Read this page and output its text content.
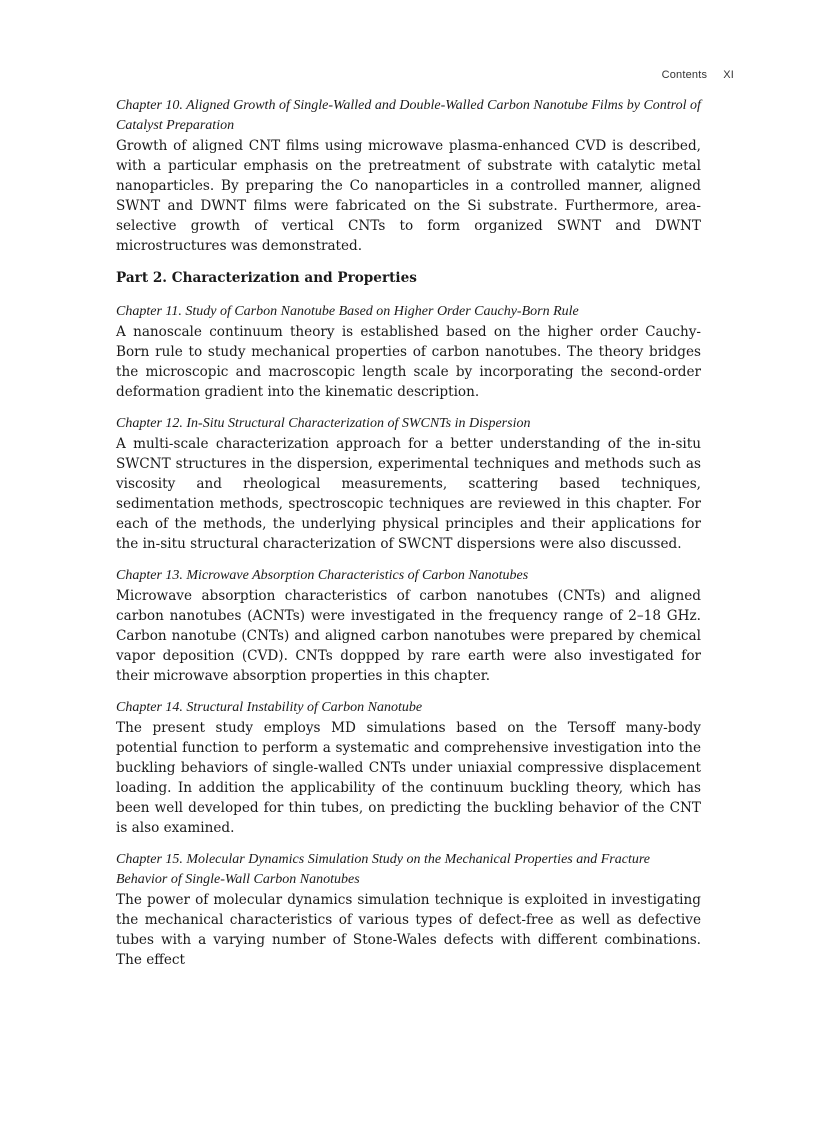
Contents XI
Chapter 10. Aligned Growth of Single-Walled and Double-Walled Carbon Nanotube Films by Control of Catalyst Preparation

Growth of aligned CNT films using microwave plasma-enhanced CVD is described, with a particular emphasis on the pretreatment of substrate with catalytic metal nanoparticles. By preparing the Co nanoparticles in a controlled manner, aligned SWNT and DWNT films were fabricated on the Si substrate. Furthermore, area-selective growth of vertical CNTs to form organized SWNT and DWNT microstructures was demonstrated.

Part 2. Characterization and Properties
Chapter 11. Study of Carbon Nanotube Based on Higher Order Cauchy-Born Rule

A nanoscale continuum theory is established based on the higher order Cauchy-Born rule to study mechanical properties of carbon nanotubes. The theory bridges the microscopic and macroscopic length scale by incorporating the second-order deformation gradient into the kinematic description.

Chapter 12. In-Situ Structural Characterization of SWCNTs in Dispersion

A multi-scale characterization approach for a better understanding of the in-situ SWCNT structures in the dispersion, experimental techniques and methods such as viscosity and rheological measurements, scattering based techniques, sedimentation methods, spectroscopic techniques are reviewed in this chapter. For each of the methods, the underlying physical principles and their applications for the in-situ structural characterization of SWCNT dispersions were also discussed.

Chapter 13. Microwave Absorption Characteristics of Carbon Nanotubes

Microwave absorption characteristics of carbon nanotubes (CNTs) and aligned carbon nanotubes (ACNTs) were investigated in the frequency range of 2–18 GHz. Carbon nanotube (CNTs) and aligned carbon nanotubes were prepared by chemical vapor deposition (CVD). CNTs doppped by rare earth were also investigated for their microwave absorption properties in this chapter.

Chapter 14. Structural Instability of Carbon Nanotube

The present study employs MD simulations based on the Tersoff many-body potential function to perform a systematic and comprehensive investigation into the buckling behaviors of single-walled CNTs under uniaxial compressive displacement loading. In addition the applicability of the continuum buckling theory, which has been well developed for thin tubes, on predicting the buckling behavior of the CNT is also examined.

Chapter 15. Molecular Dynamics Simulation Study on the Mechanical Properties and Fracture Behavior of Single-Wall Carbon Nanotubes

The power of molecular dynamics simulation technique is exploited in investigating the mechanical characteristics of various types of defect-free as well as defective tubes with a varying number of Stone-Wales defects with different combinations. The effect
